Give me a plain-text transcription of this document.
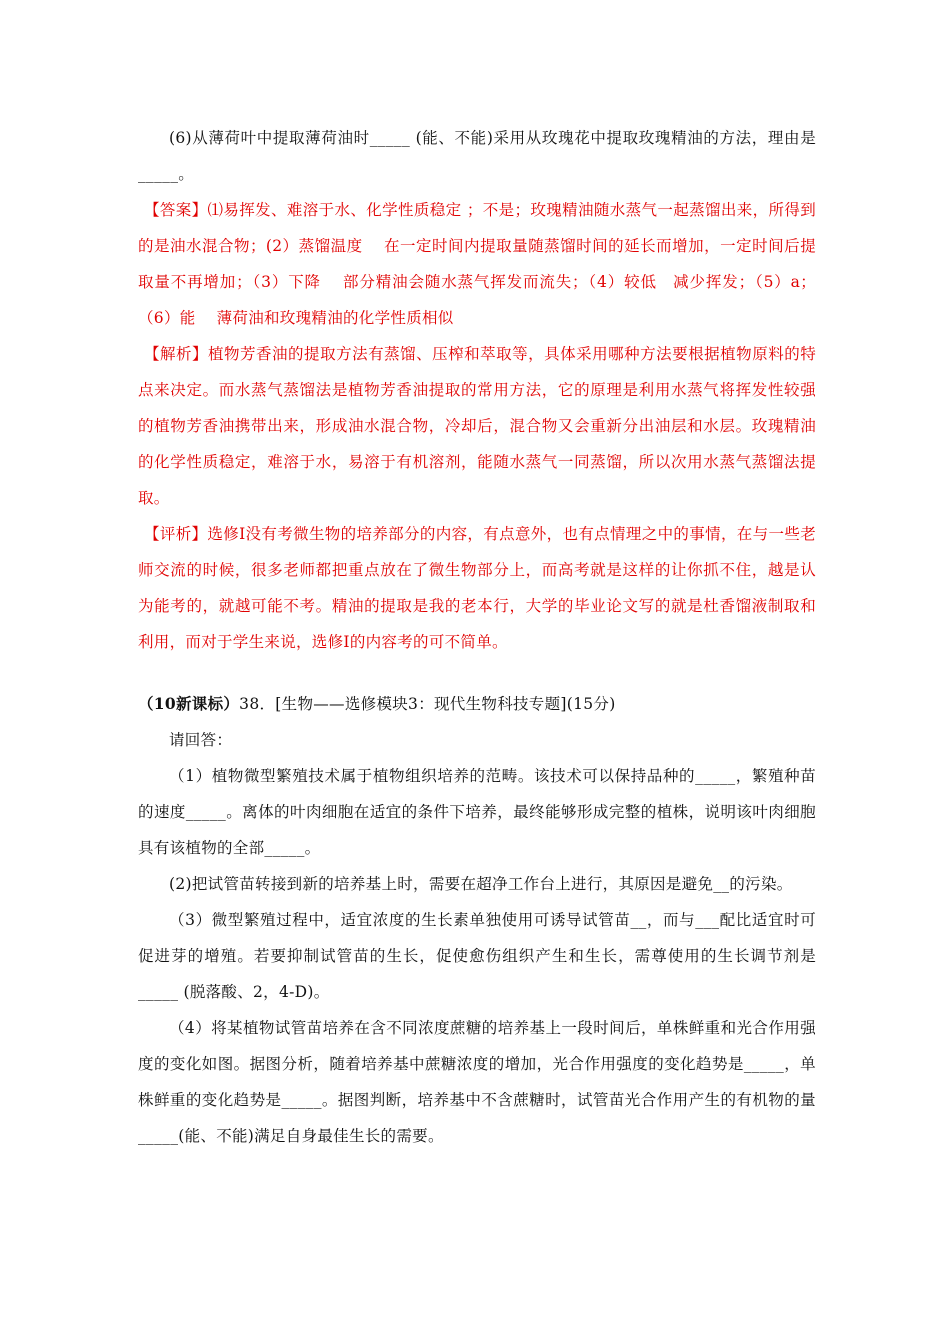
(6)从薄荷叶中提取薄荷油时_____ (能、不能)采用从玫瑰花中提取玫瑰精油的方法，理由是_____。

【答案】⑴易挥发、难溶于水、化学性质稳定 ；不是；玫瑰精油随水蒸气一起蒸馏出来，所得到的是油水混合物；(2）蒸馏温度　 在一定时间内提取量随蒸馏时间的延长而增加，一定时间后提取量不再增加；（3）下降　 部分精油会随水蒸气挥发而流失；（4）较低　减少挥发；（5）a；（6）能　 薄荷油和玫瑰精油的化学性质相似

【解析】植物芳香油的提取方法有蒸馏、压榨和萃取等，具体采用哪种方法要根据植物原料的特点来决定。而水蒸气蒸馏法是植物芳香油提取的常用方法，它的原理是利用水蒸气将挥发性较强的植物芳香油携带出来，形成油水混合物，冷却后，混合物又会重新分出油层和水层。玫瑰精油的化学性质稳定，难溶于水，易溶于有机溶剂，能随水蒸气一同蒸馏，所以次用水蒸气蒸馏法提取。

【评析】选修Ⅰ没有考微生物的培养部分的内容，有点意外，也有点情理之中的事情，在与一些老师交流的时候，很多老师都把重点放在了微生物部分上，而高考就是这样的让你抓不住，越是认为能考的，就越可能不考。精油的提取是我的老本行，大学的毕业论文写的就是杜香馏液制取和利用，而对于学生来说，选修Ⅰ的内容考的可不简单。

（10新课标）38．[生物——选修模块3：现代生物科技专题](15分)

请回答：

（1）植物微型繁殖技术属于植物组织培养的范畴。该技术可以保持品种的_____，繁殖种苗的速度_____。离体的叶肉细胞在适宜的条件下培养，最终能够形成完整的植株，说明该叶肉细胞具有该植物的全部_____。

(2)把试管苗转接到新的培养基上时，需要在超净工作台上进行，其原因是避免__的污染。

（3）微型繁殖过程中，适宜浓度的生长素单独使用可诱导试管苗__，而与___配比适宜时可促进芽的增殖。若要抑制试管苗的生长，促使愈伤组织产生和生长，需尊使用的生长调节剂是_____ (脱落酸、2，4-D)。

（4）将某植物试管苗培养在含不同浓度蔗糖的培养基上一段时间后，单株鲜重和光合作用强度的变化如图。据图分析，随着培养基中蔗糖浓度的增加，光合作用强度的变化趋势是_____，单株鲜重的变化趋势是_____。据图判断，培养基中不含蔗糖时，试管苗光合作用产生的有机物的量_____(能、不能)满足自身最佳生长的需要。
